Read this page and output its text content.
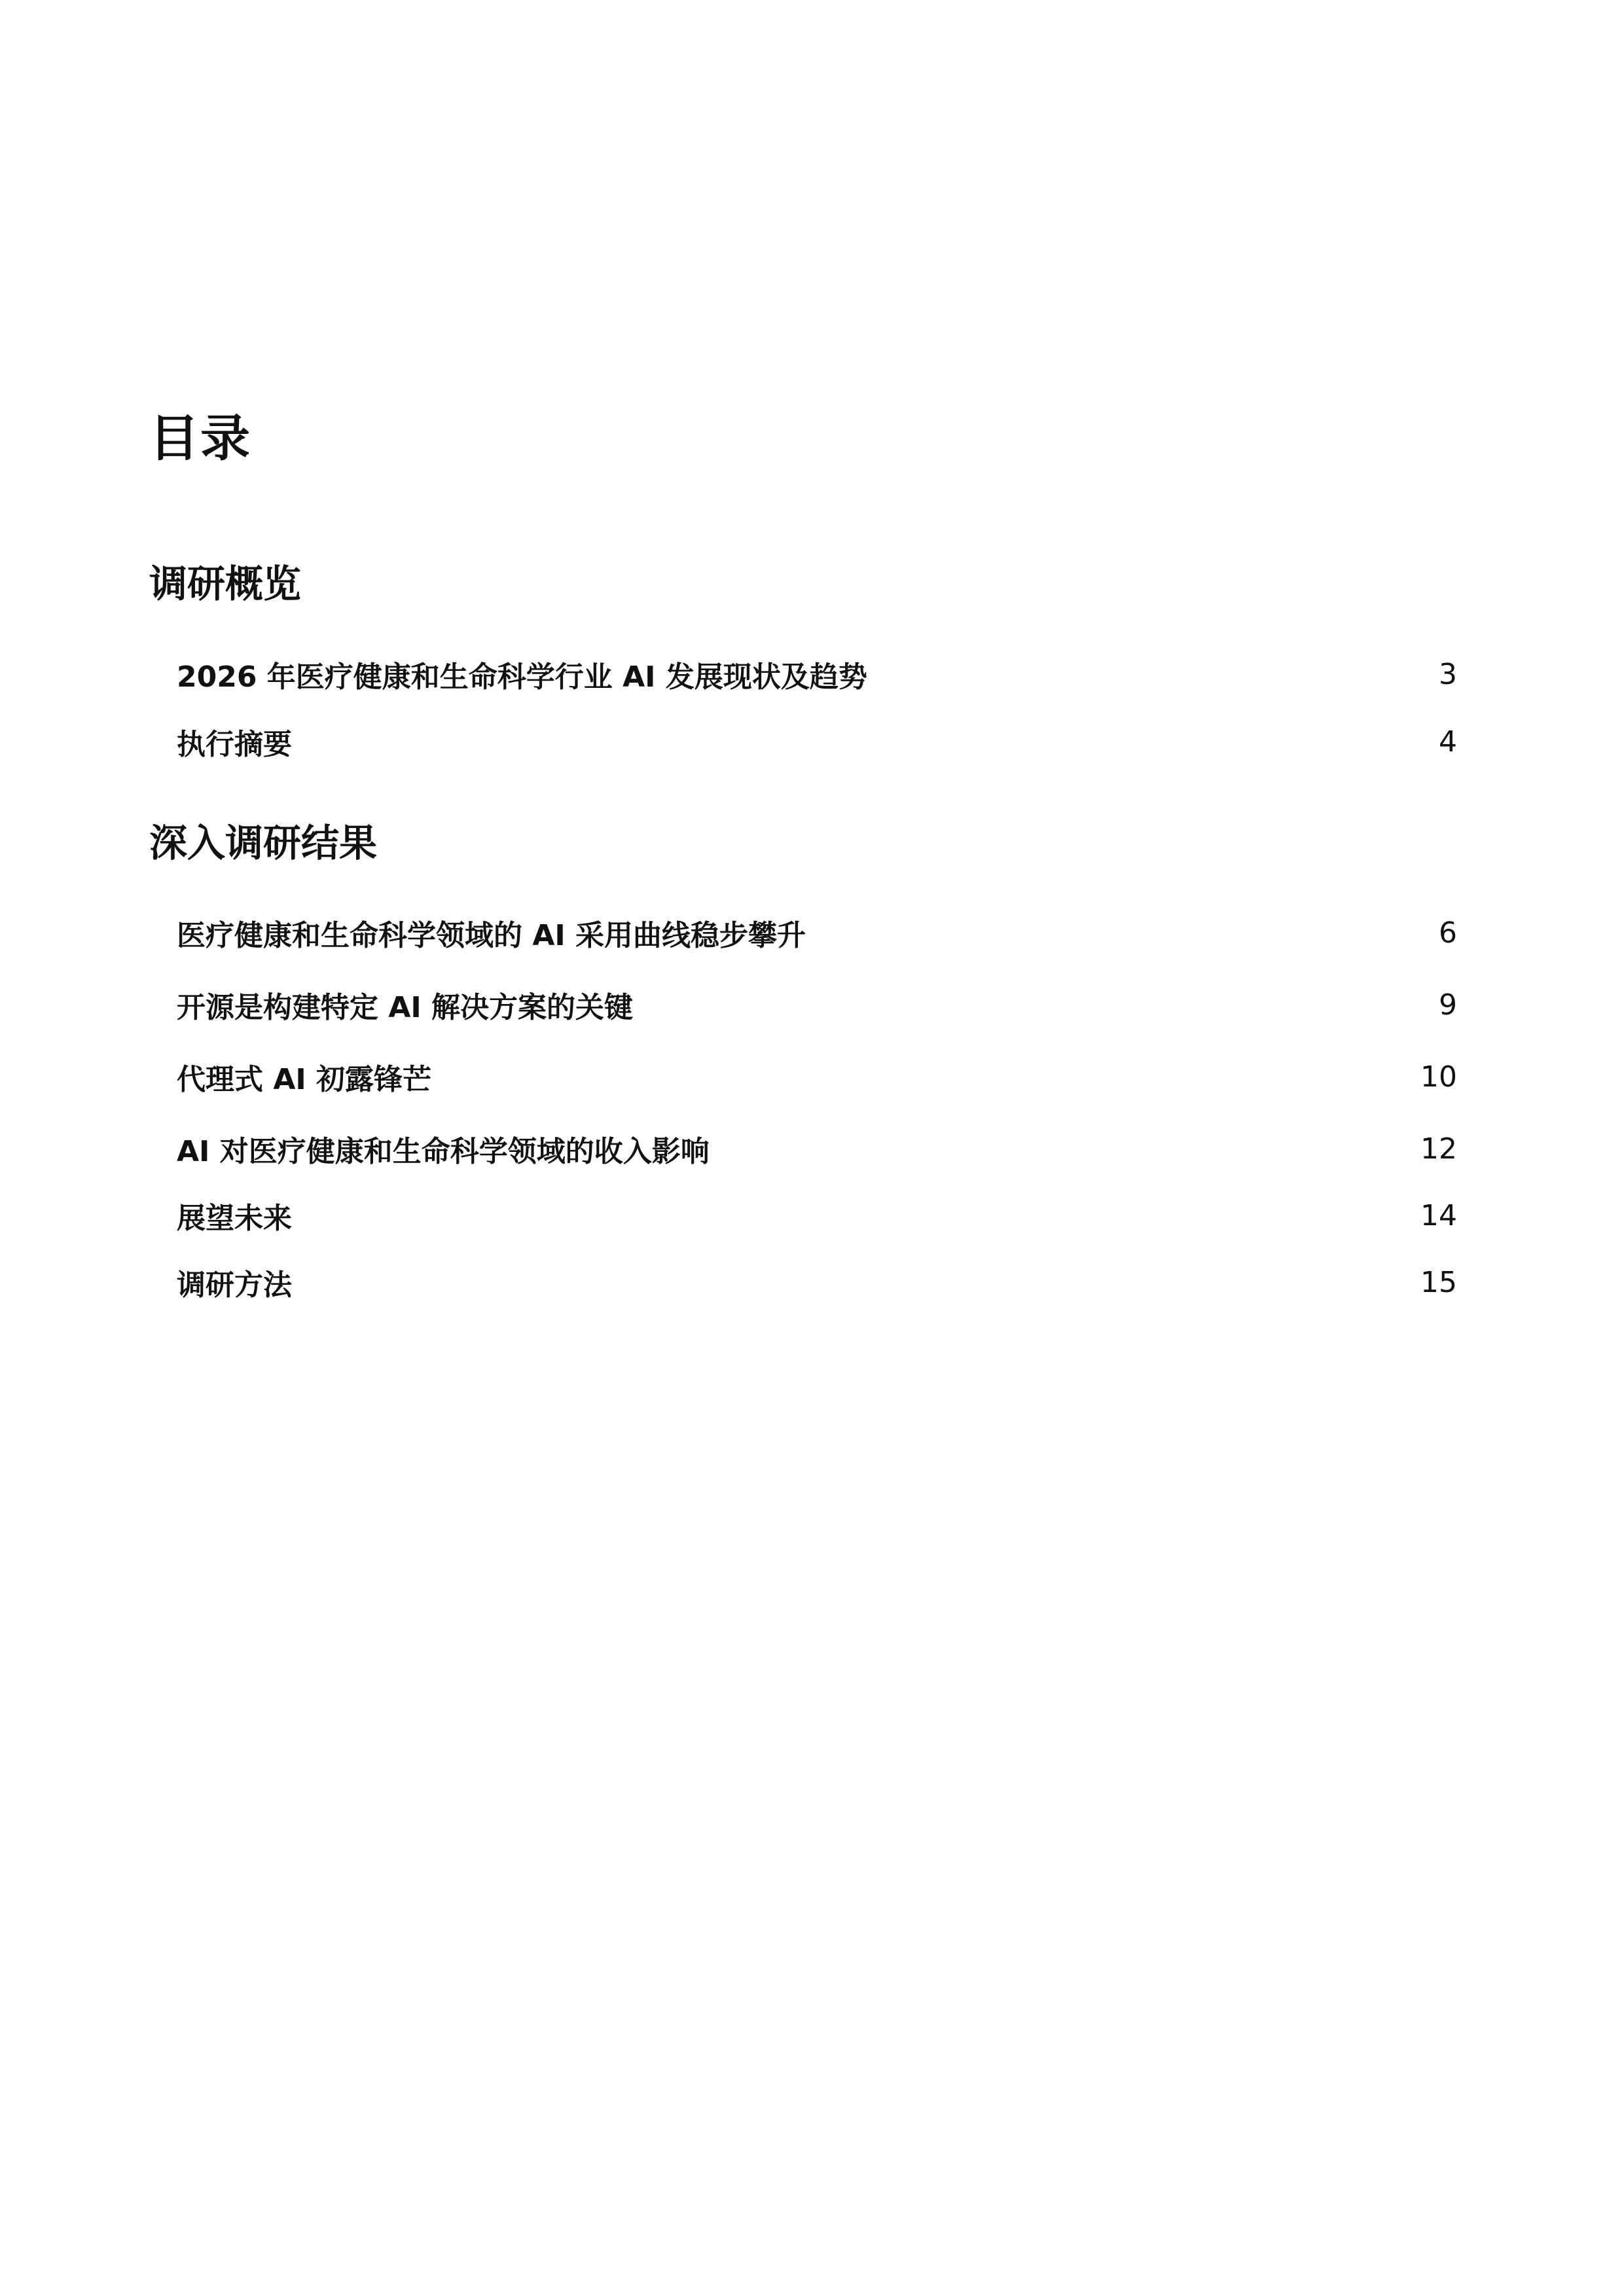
目录
调研概览
2026 年医疗健康和生命科学行业 AI 发展现状及趋势	3
执行摘要	4
深入调研结果
医疗健康和生命科学领域的 AI 采用曲线稳步攀升	6
开源是构建特定 AI 解决方案的关键	9
代理式 AI 初露锋芒	10
AI 对医疗健康和生命科学领域的收入影响	12
展望未来	14
调研方法	15
